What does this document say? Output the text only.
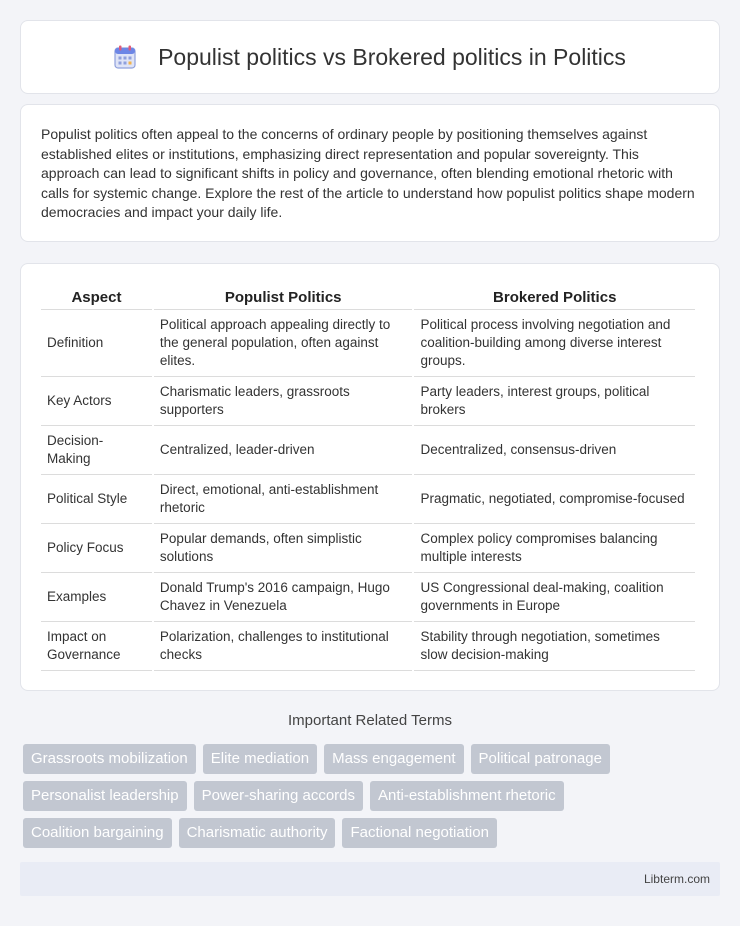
Populist politics vs Brokered politics in Politics

Populist politics often appeal to the concerns of ordinary people by positioning themselves against established elites or institutions, emphasizing direct representation and popular sovereignty. This approach can lead to significant shifts in policy and governance, often blending emotional rhetoric with calls for systemic change. Explore the rest of the article to understand how populist politics shape modern democracies and impact your daily life.

Aspect	Populist Politics	Brokered Politics
Definition	Political approach appealing directly to the general population, often against elites.	Political process involving negotiation and coalition-building among diverse interest groups.
Key Actors	Charismatic leaders, grassroots supporters	Party leaders, interest groups, political brokers
Decision-Making	Centralized, leader-driven	Decentralized, consensus-driven
Political Style	Direct, emotional, anti-establishment rhetoric	Pragmatic, negotiated, compromise-focused
Policy Focus	Popular demands, often simplistic solutions	Complex policy compromises balancing multiple interests
Examples	Donald Trump's 2016 campaign, Hugo Chavez in Venezuela	US Congressional deal-making, coalition governments in Europe
Impact on Governance	Polarization, challenges to institutional checks	Stability through negotiation, sometimes slow decision-making
Important Related Terms
Grassroots mobilization	Elite mediation	Mass engagement	Political patronage
Personalist leadership	Power-sharing accords	Anti-establishment rhetoric
Coalition bargaining	Charismatic authority	Factional negotiation
Libterm.com
